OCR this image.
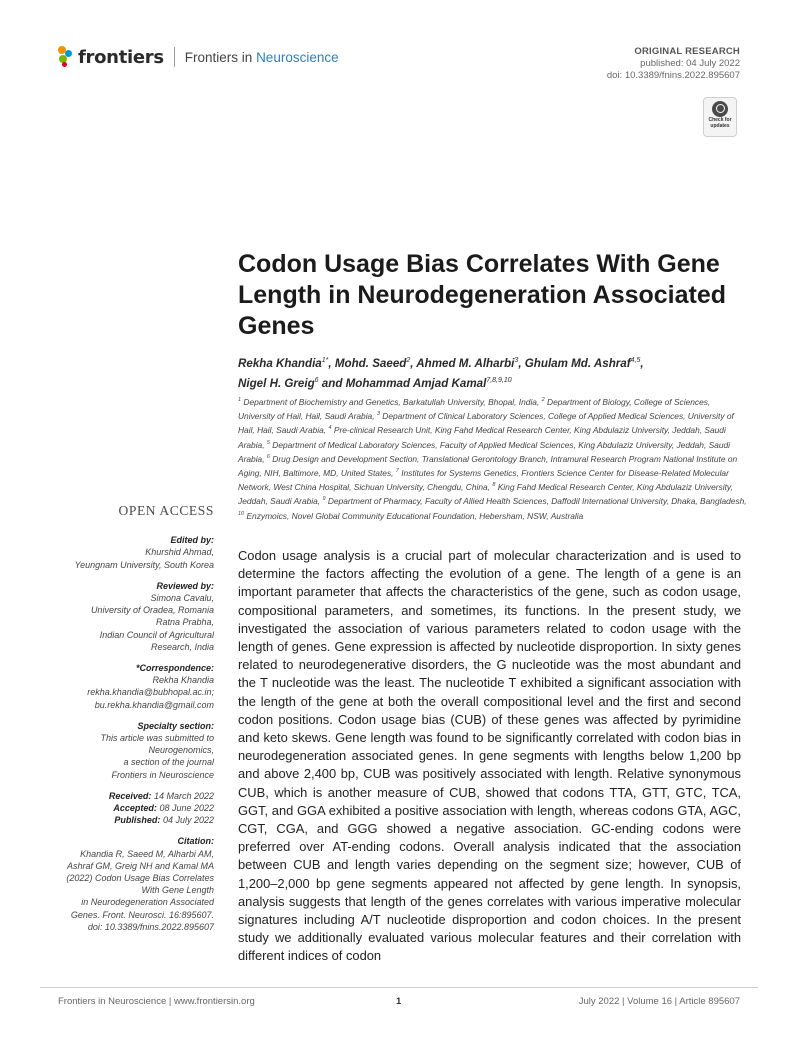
frontiers Frontiers in Neuroscience	ORIGINAL RESEARCH
published: 04 July 2022
doi: 10.3389/fnins.2022.895607
Check for
updates
Codon Usage Bias Correlates With Gene Length in Neurodegeneration Associated Genes
Rekha Khandia$^{1*}$, Mohd. Saeed$^2$, Ahmed M. Alharbi$^3$, Ghulam Md. Ashraf$^{4,5}$,
Nigel H. Greig$^6$ and Mohammad Amjad Kamal$^{7,8,9,10}$
$^1$ Department of Biochemistry and Genetics, Barkatullah University, Bhopal, India, $^2$ Department of Biology, College of Sciences, University of Hail, Hail, Saudi Arabia, $^3$ Department of Clinical Laboratory Sciences, College of Applied Medical Sciences, University of Hail, Hail, Saudi Arabia, $^4$ Pre-clinical Research Unit, King Fahd Medical Research Center, King Abdulaziz University, Jeddah, Saudi Arabia, $^5$ Department of Medical Laboratory Sciences, Faculty of Applied Medical Sciences, King Abdulaziz University, Jeddah, Saudi Arabia, $^6$ Drug Design and Development Section, Translational Gerontology Branch, Intramural Research Program National Institute on Aging, NIH, Baltimore, MD, United States, $^7$ Institutes for Systems Genetics, Frontiers Science Center for Disease-Related Molecular Network, West China Hospital, Sichuan University, Chengdu, China, $^8$ King Fahd Medical Research Center, King Abdulaziz University, Jeddah, Saudi Arabia, $^9$ Department of Pharmacy, Faculty of Allied Health Sciences, Daffodil International University, Dhaka, Bangladesh, $^{10}$ Enzymoics, Novel Global Community Educational Foundation, Hebersham, NSW, Australia
OPEN ACCESS
Edited by:
Khurshid Ahmad,
Yeungnam University, South Korea
Reviewed by:
Simona Cavalu,
University of Oradea, Romania
Ratna Prabha,
Indian Council of Agricultural
Research, India
*Correspondence:
Rekha Khandia
rekha.khandia@bubhopal.ac.in;
bu.rekha.khandia@gmail.com
Specialty section:
This article was submitted to
Neurogenomics,
a section of the journal
Frontiers in Neuroscience
Received: 14 March 2022
Accepted: 08 June 2022
Published: 04 July 2022
Citation:
Khandia R, Saeed M, Alharbi AM,
Ashraf GM, Greig NH and Kamal MA
(2022) Codon Usage Bias Correlates
With Gene Length
in Neurodegeneration Associated
Genes. Front. Neurosci. 16:895607.
doi: 10.3389/fnins.2022.895607

Codon usage analysis is a crucial part of molecular characterization and is used to determine the factors affecting the evolution of a gene. The length of a gene is an important parameter that affects the characteristics of the gene, such as codon usage, compositional parameters, and sometimes, its functions. In the present study, we investigated the association of various parameters related to codon usage with the length of genes. Gene expression is affected by nucleotide disproportion. In sixty genes related to neurodegenerative disorders, the G nucleotide was the most abundant and the T nucleotide was the least. The nucleotide T exhibited a significant association with the length of the gene at both the overall compositional level and the first and second codon positions. Codon usage bias (CUB) of these genes was affected by pyrimidine and keto skews. Gene length was found to be significantly correlated with codon bias in neurodegeneration associated genes. In gene segments with lengths below 1,200 bp and above 2,400 bp, CUB was positively associated with length. Relative synonymous CUB, which is another measure of CUB, showed that codons TTA, GTT, GTC, TCA, GGT, and GGA exhibited a positive association with length, whereas codons GTA, AGC, CGT, CGA, and GGG showed a negative association. GC-ending codons were preferred over AT-ending codons. Overall analysis indicated that the association between CUB and length varies depending on the segment size; however, CUB of 1,200–2,000 bp gene segments appeared not affected by gene length. In synopsis, analysis suggests that length of the genes correlates with various imperative molecular signatures including A/T nucleotide disproportion and codon choices. In the present study we additionally evaluated various molecular features and their correlation with different indices of codon

Frontiers in Neuroscience | www.frontiersin.org	1	July 2022 | Volume 16 | Article 895607
